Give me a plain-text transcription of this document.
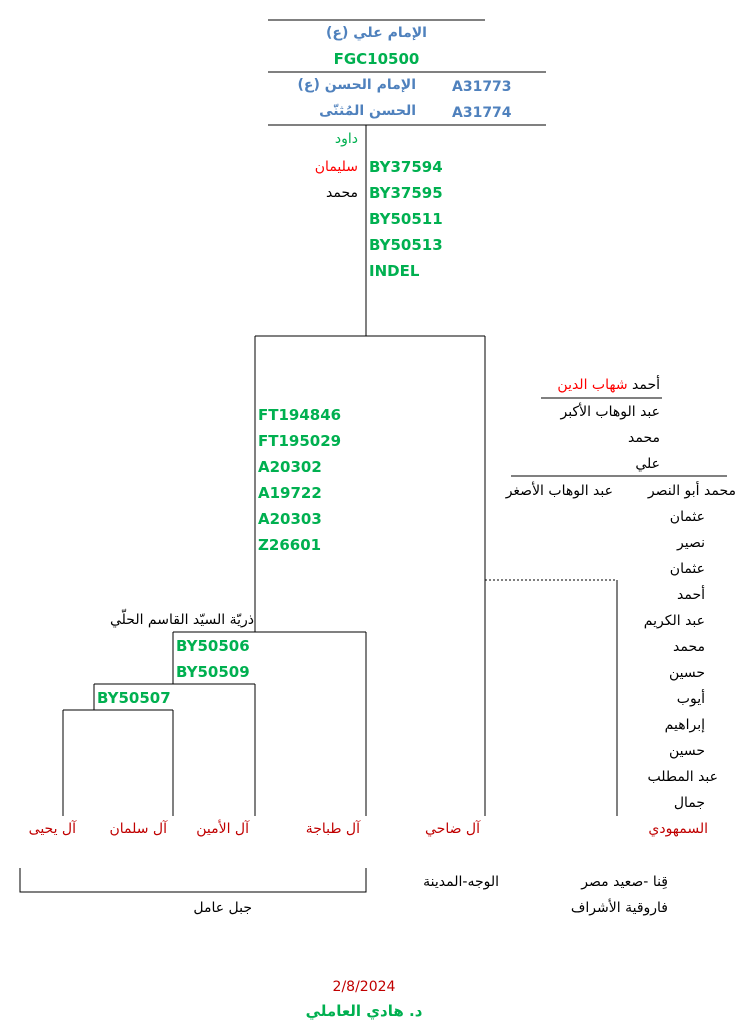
الإمام علي (ع)
FGC10500
الإمام الحسن (ع)	A31773
الحسن المُثنّى	A31774
داود
سليمان
محمد
BY37594
BY37595
BY50511
BY50513
INDEL
FT194846
FT195029
A20302
A19722
A20303
Z26601
ذريّة السيّد القاسم الحلّي
BY50506
BY50509
BY50507
أحمد شهاب الدين
عبد الوهاب الأكبر
محمد
علي
محمد أبو النصر
عبد الوهاب الأصغر
عثمان
نصير
عثمان
أحمد
عبد الكريم
محمد
حسين
أيوب
إبراهيم
حسين
عبد المطلب
جمال
آل يحيى آل سلمان آل الأمين	آل طباجة	آل ضاحي	السمهودي
جبل عامل
الوجه-المدينة	قِنا -صعيد مصر
فاروقية الأشراف
2/8/2024
د. هادي العاملي
